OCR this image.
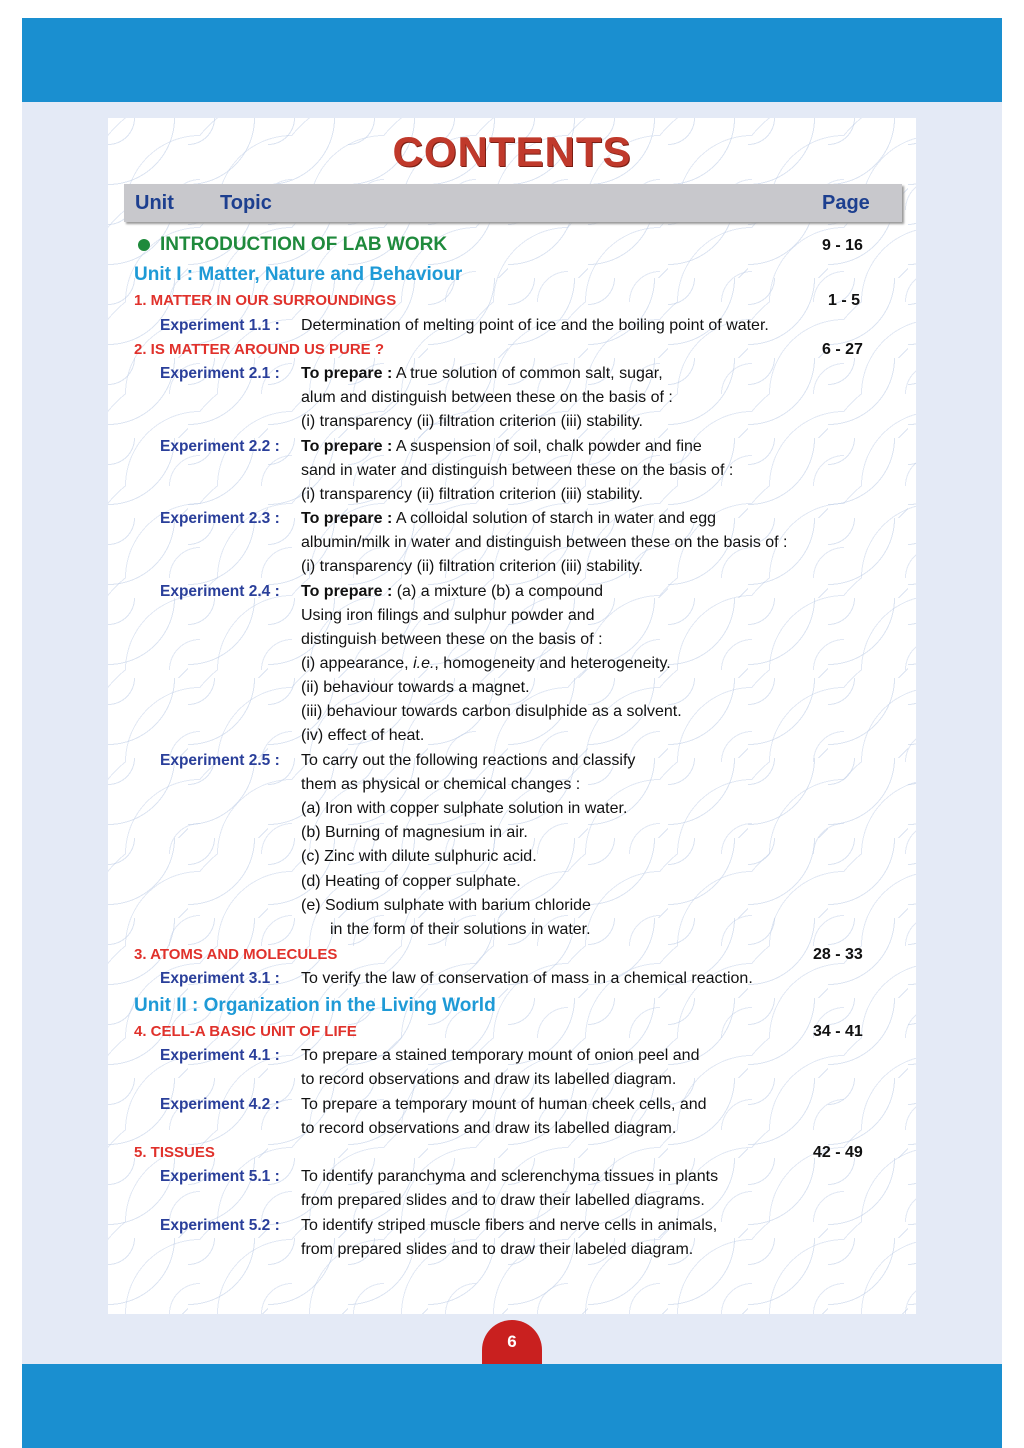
CONTENTS
Unit Topic	Page
INTRODUCTION OF LAB WORK	9 - 16
Unit I : Matter, Nature and Behaviour
1. MATTER IN OUR SURROUNDINGS	1 - 5
Experiment 1.1 : Determination of melting point of ice and the boiling point of water.
2. IS MATTER AROUND US PURE ?	6 - 27
Experiment 2.1 : To prepare : A true solution of common salt, sugar,
alum and distinguish between these on the basis of :
(i) transparency (ii) filtration criterion (iii) stability.
Experiment 2.2 : To prepare : A suspension of soil, chalk powder and fine
sand in water and distinguish between these on the basis of :
(i) transparency (ii) filtration criterion (iii) stability.
Experiment 2.3 : To prepare : A colloidal solution of starch in water and egg
albumin/milk in water and distinguish between these on the basis of :
(i) transparency (ii) filtration criterion (iii) stability.
Experiment 2.4 : To prepare : (a) a mixture (b) a compound
Using iron filings and sulphur powder and
distinguish between these on the basis of :
(i) appearance, i.e., homogeneity and heterogeneity.
(ii) behaviour towards a magnet.
(iii) behaviour towards carbon disulphide as a solvent.
(iv) effect of heat.
Experiment 2.5 : To carry out the following reactions and classify
them as physical or chemical changes :
(a) Iron with copper sulphate solution in water.
(b) Burning of magnesium in air.
(c) Zinc with dilute sulphuric acid.
(d) Heating of copper sulphate.
(e) Sodium sulphate with barium chloride
in the form of their solutions in water.
3. ATOMS AND MOLECULES	28 - 33
Experiment 3.1 : To verify the law of conservation of mass in a chemical reaction.
Unit II : Organization in the Living World
4. CELL-A BASIC UNIT OF LIFE	34 - 41
Experiment 4.1 : To prepare a stained temporary mount of onion peel and
to record observations and draw its labelled diagram.
Experiment 4.2 : To prepare a temporary mount of human cheek cells, and
to record observations and draw its labelled diagram.
5. TISSUES	42 - 49
Experiment 5.1 : To identify paranchyma and sclerenchyma tissues in plants
from prepared slides and to draw their labelled diagrams.
Experiment 5.2 : To identify striped muscle fibers and nerve cells in animals,
from prepared slides and to draw their labeled diagram.
6
